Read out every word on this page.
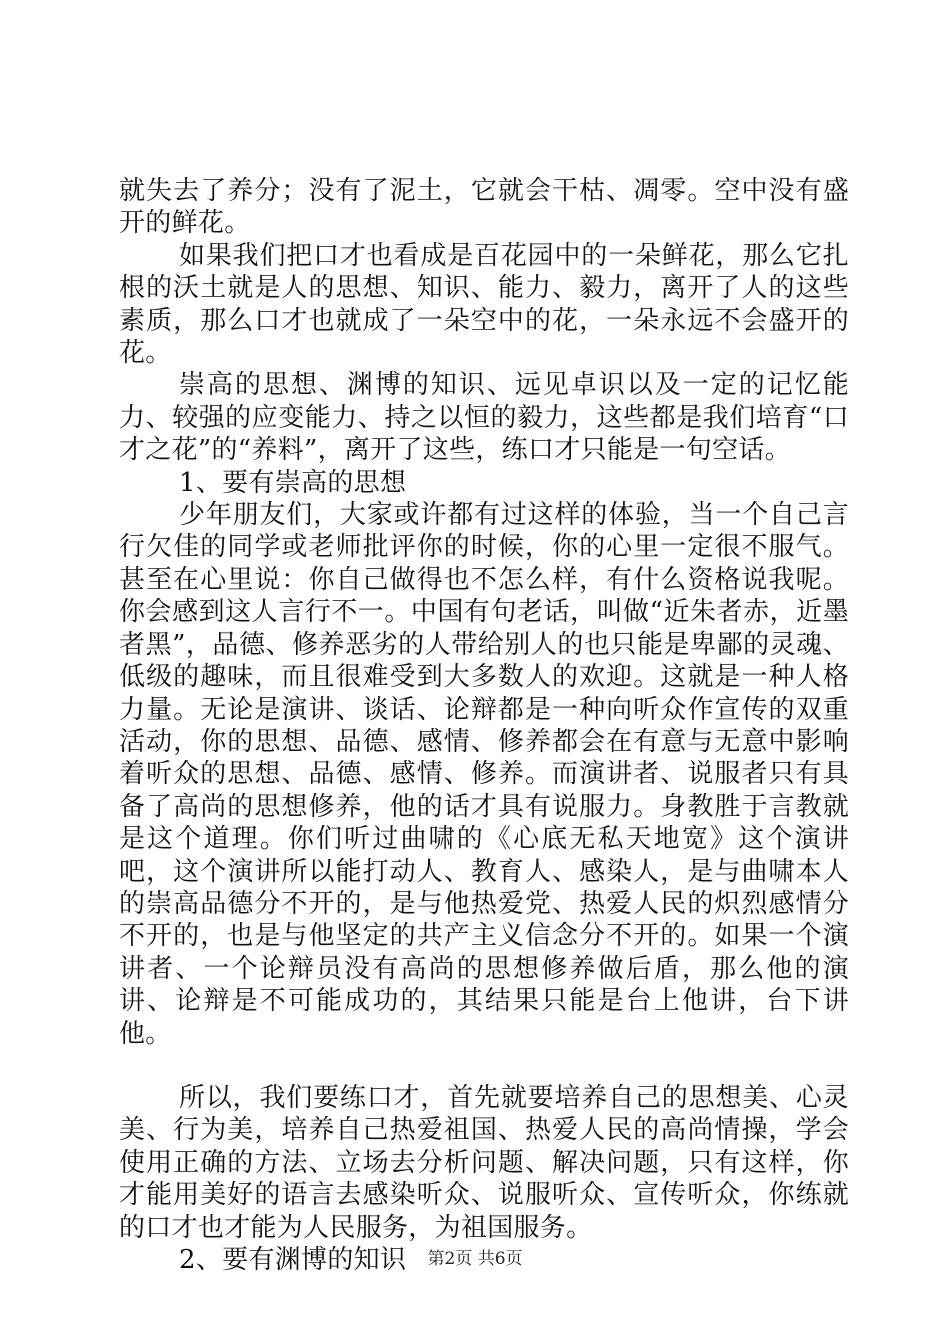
就失去了养分；没有了泥土，它就会干枯、凋零。空中没有盛开的鲜花。

如果我们把口才也看成是百花园中的一朵鲜花，那么它扎根的沃土就是人的思想、知识、能力、毅力，离开了人的这些素质，那么口才也就成了一朵空中的花，一朵永远不会盛开的花。

崇高的思想、渊博的知识、远见卓识以及一定的记忆能力、较强的应变能力、持之以恒的毅力，这些都是我们培育“口才之花”的“养料”，离开了这些，练口才只能是一句空话。

1、要有崇高的思想

少年朋友们，大家或许都有过这样的体验，当一个自己言行欠佳的同学或老师批评你的时候，你的心里一定很不服气。甚至在心里说：你自己做得也不怎么样，有什么资格说我呢。你会感到这人言行不一。中国有句老话，叫做“近朱者赤，近墨者黑”，品德、修养恶劣的人带给别人的也只能是卑鄙的灵魂、低级的趣味，而且很难受到大多数人的欢迎。这就是一种人格力量。无论是演讲、谈话、论辩都是一种向听众作宣传的双重活动，你的思想、品德、感情、修养都会在有意与无意中影响着听众的思想、品德、感情、修养。而演讲者、说服者只有具备了高尚的思想修养，他的话才具有说服力。身教胜于言教就是这个道理。你们听过曲啸的《心底无私天地宽》这个演讲吧，这个演讲所以能打动人、教育人、感染人，是与曲啸本人的崇高品德分不开的，是与他热爱党、热爱人民的炽烈感情分不开的，也是与他坚定的共产主义信念分不开的。如果一个演讲者、一个论辩员没有高尚的思想修养做后盾，那么他的演讲、论辩是不可能成功的，其结果只能是台上他讲，台下讲他。

所以，我们要练口才，首先就要培养自己的思想美、心灵美、行为美，培养自己热爱祖国、热爱人民的高尚情操，学会使用正确的方法、立场去分析问题、解决问题，只有这样，你才能用美好的语言去感染听众、说服听众、宣传听众，你练就的口才也才能为人民服务，为祖国服务。

2、要有渊博的知识	第2页 共6页
